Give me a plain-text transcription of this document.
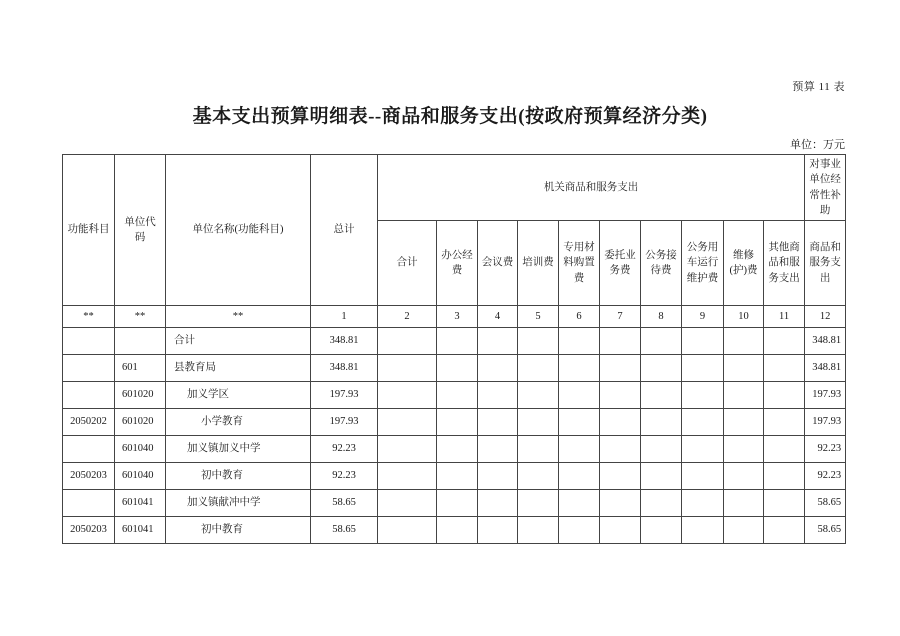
预算 11 表
基本支出预算明细表--商品和服务支出(按政府预算经济分类)
单位：万元
功能科目	单位代码	单位名称(功能科目)	总计	机关商品和服务支出										对事业单位经常性补助
				合计	办公经费	会议费	培训费	专用材料购置费	委托业务费	公务接待费	公务用车运行维护费	维修(护)费	其他商品和服务支出	商品和服务支出
**	**	**	1	2	3	4	5	6	7	8	9	10	11	12
		合计	348.81											348.81
	601	县教育局	348.81											348.81
	601020	加义学区	197.93											197.93
2050202	601020	小学教育	197.93											197.93
	601040	加义镇加义中学	92.23											92.23
2050203	601040	初中教育	92.23											92.23
	601041	加义镇献冲中学	58.65											58.65
2050203	601041	初中教育	58.65											58.65
